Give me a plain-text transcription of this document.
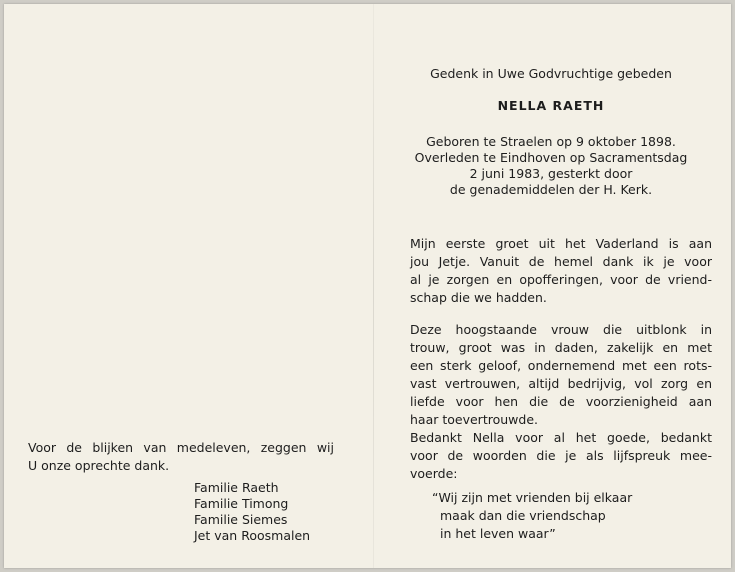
Voor de blijken van medeleven, zeggen wij
U onze oprechte dank.
Familie Raeth
Familie Timong
Familie Siemes
Jet van Roosmalen
Gedenk in Uwe Godvruchtige gebeden
NELLA RAETH
Geboren te Straelen op 9 oktober 1898.
Overleden te Eindhoven op Sacramentsdag
2 juni 1983, gesterkt door
de genademiddelen der H. Kerk.
Mijn eerste groet uit het Vaderland is aan
jou Jetje. Vanuit de hemel dank ik je voor
al je zorgen en opofferingen, voor de vriend-
schap die we hadden.
Deze hoogstaande vrouw die uitblonk in
trouw, groot was in daden, zakelijk en met
een sterk geloof, ondernemend met een rots-
vast vertrouwen, altijd bedrijvig, vol zorg en
liefde voor hen die de voorzienigheid aan
haar toevertrouwde.
Bedankt Nella voor al het goede, bedankt
voor de woorden die je als lijfspreuk mee-
voerde:
“Wij zijn met vrienden bij elkaar
maak dan die vriendschap
in het leven waar”
